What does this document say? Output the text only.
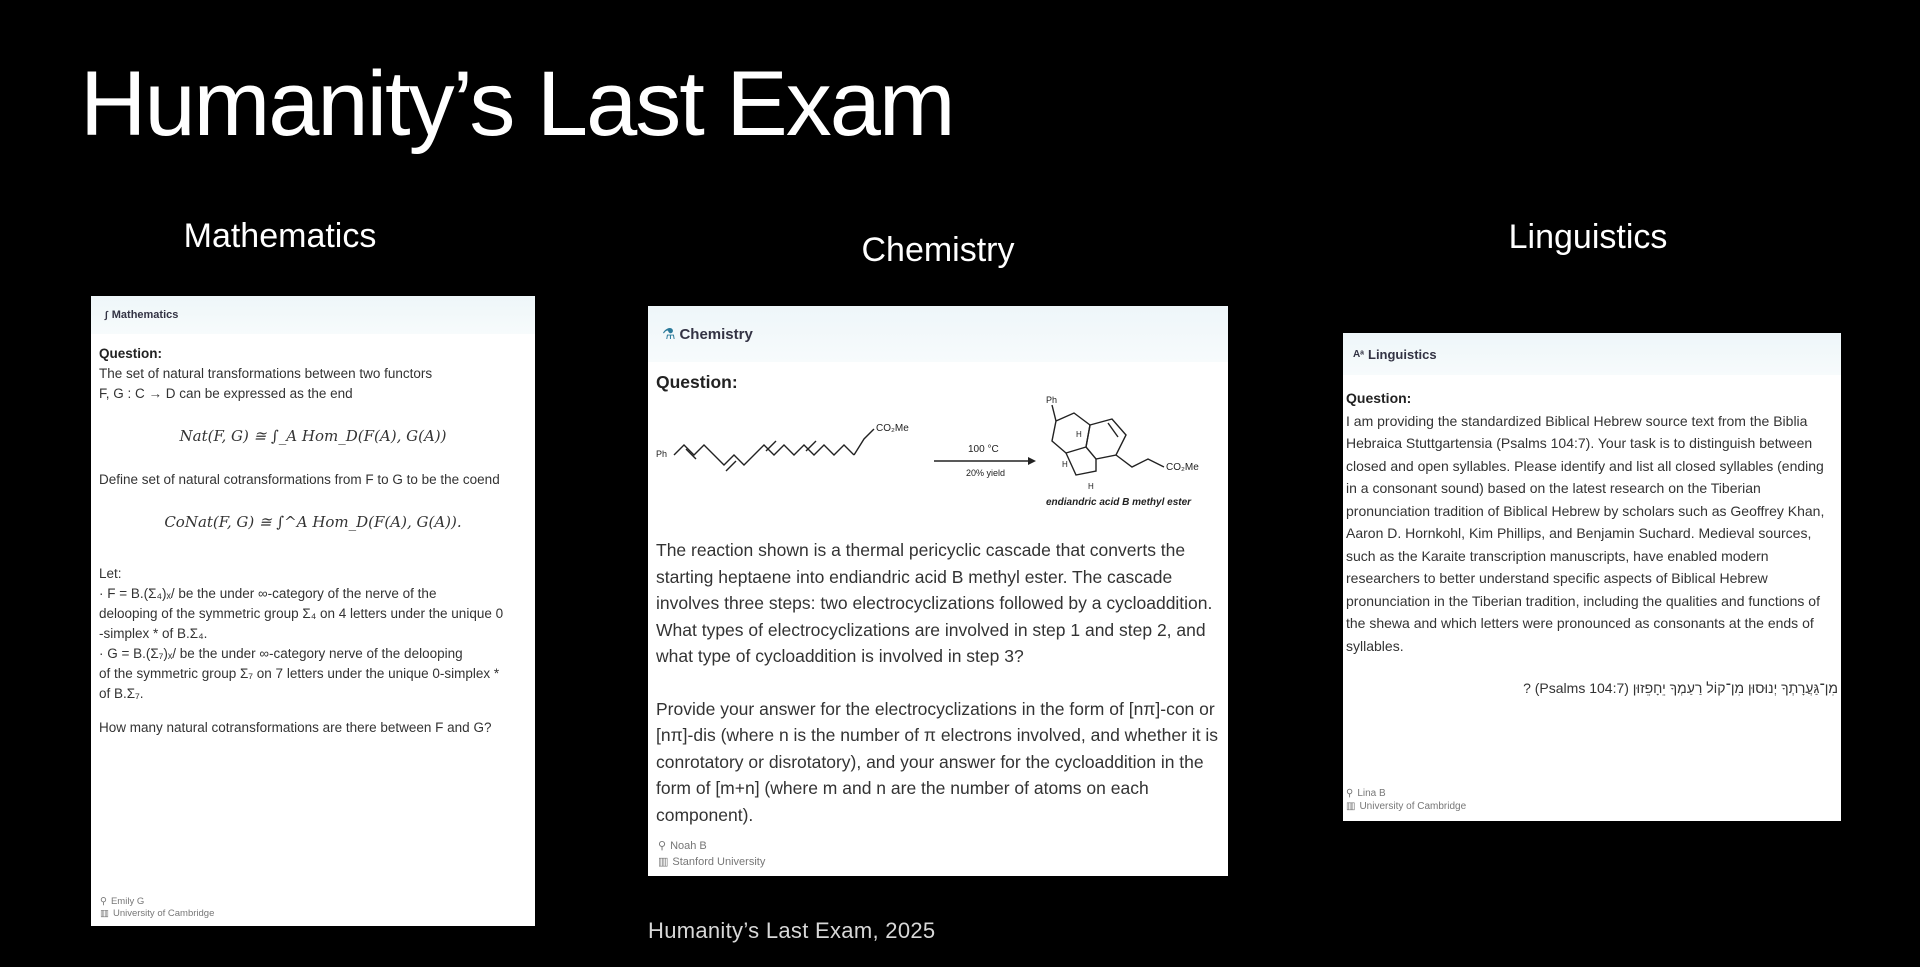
Humanity’s Last Exam
Mathematics	Chemistry	Linguistics
∫ Mathematics
Question:
The set of natural transformations between two functors
F, G : C → D can be expressed as the end
Nat(F, G) ≅ ∫_A Hom_D(F(A), G(A))
Define set of natural cotransformations from F to G to be the coend
CoNat(F, G) ≅ ∫^A Hom_D(F(A), G(A)).
Let:
· F = B.(Σ₄)ₓ/ be the under ∞-category of the nerve of the
delooping of the symmetric group Σ₄ on 4 letters under the unique 0
-simplex * of B.Σ₄.
· G = B.(Σ₇)ₓ/ be the under ∞-category nerve of the delooping
of the symmetric group Σ₇ on 7 letters under the unique 0-simplex *
of B.Σ₇.
How many natural cotransformations are there between F and G?
⚲ Emily G
▥ University of Cambridge
⚗ Chemistry
Question:
Ph
CO₂Me
100 °C
20% yield
Ph
CO₂Me
H
H
H
endiandric acid B methyl ester
The reaction shown is a thermal pericyclic cascade that converts the starting heptaene into endiandric acid B methyl ester. The cascade involves three steps: two electrocyclizations followed by a cycloaddition. What types of electrocyclizations are involved in step 1 and step 2, and what type of cycloaddition is involved in step 3?
Provide your answer for the electrocyclizations in the form of [nπ]-con or [nπ]-dis (where n is the number of π electrons involved, and whether it is conrotatory or disrotatory), and your answer for the cycloaddition in the form of [m+n] (where m and n are the number of atoms on each component).
⚲ Noah B
▥ Stanford University
Aᵃ Linguistics
Question:
I am providing the standardized Biblical Hebrew source text from the Biblia Hebraica Stuttgartensia (Psalms 104:7). Your task is to distinguish between closed and open syllables. Please identify and list all closed syllables (ending in a consonant sound) based on the latest research on the Tiberian pronunciation tradition of Biblical Hebrew by scholars such as Geoffrey Khan, Aaron D. Hornkohl, Kim Phillips, and Benjamin Suchard. Medieval sources, such as the Karaite transcription manuscripts, have enabled modern researchers to better understand specific aspects of Biblical Hebrew pronunciation in the Tiberian tradition, including the qualities and functions of the shewa and which letters were pronounced as consonants at the ends of syllables.
מִן־גַּעֲרָתְךָ יְנוּסוּן מִן־קוֹל רַעַמְךָ יֵחָפֵזוּן (Psalms 104:7) ?
⚲ Lina B
▥ University of Cambridge
Humanity’s Last Exam, 2025
